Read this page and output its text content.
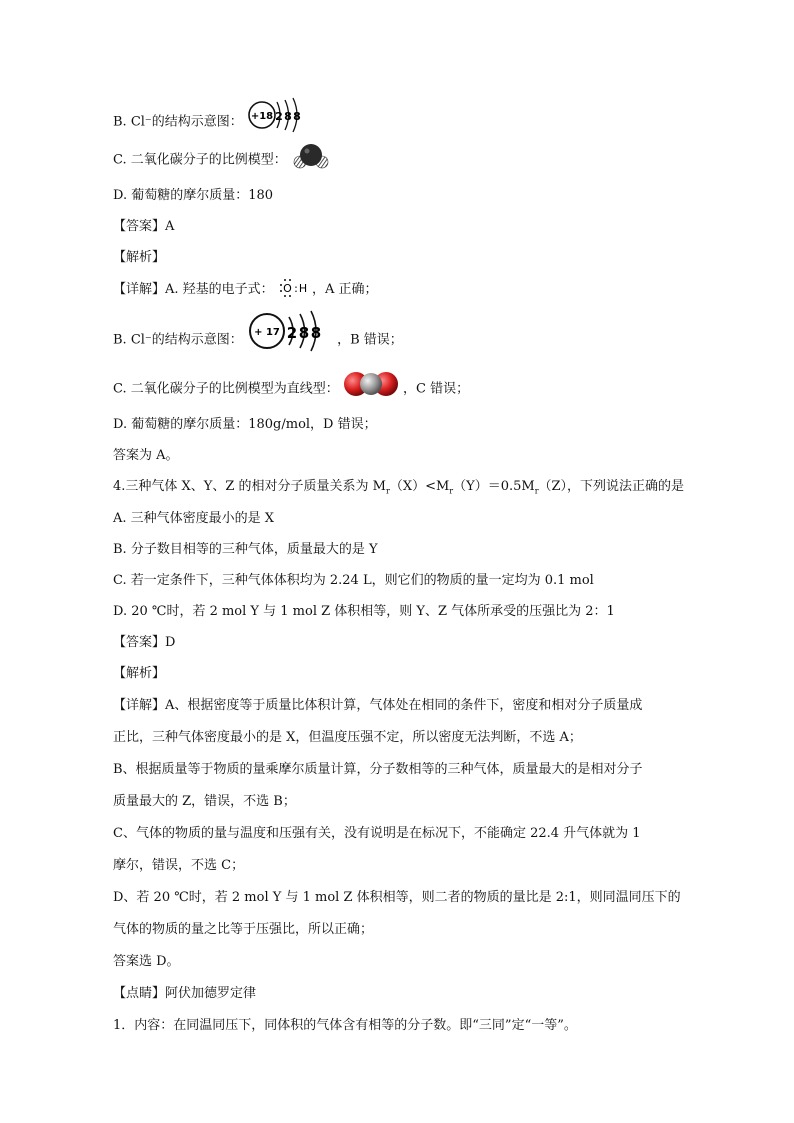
B. Cl⁻的结构示意图： +18 2 8 8
C. 二氧化碳分子的比例模型：
D. 葡萄糖的摩尔质量：180
【答案】A
【解析】
【详解】A. 羟基的电子式： O : H ，A 正确；
B. Cl⁻的结构示意图： + 17 2 8 8 ，B 错误；
C. 二氧化碳分子的比例模型为直线型：	，C 错误；
D. 葡萄糖的摩尔质量：180g/mol，D 错误；
答案为 A。
4.三种气体 X、Y、Z 的相对分子质量关系为 $M_r(X)<M_r(Y)=0.5M_r(Z)$，下列说法正确的是
A. 三种气体密度最小的是 X
B. 分子数目相等的三种气体，质量最大的是 Y
C. 若一定条件下，三种气体体积均为 2.24 L，则它们的物质的量一定均为 0.1 mol
D. 20 ℃时，若 2 mol Y 与 1 mol Z 体积相等，则 Y、Z 气体所承受的压强比为 2：1
【答案】D
【解析】
【详解】A、根据密度等于质量比体积计算，气体处在相同的条件下，密度和相对分子质量成
正比，三种气体密度最小的是 X，但温度压强不定，所以密度无法判断，不选 A；
B、根据质量等于物质的量乘摩尔质量计算，分子数相等的三种气体，质量最大的是相对分子
质量最大的 Z，错误，不选 B；
C、气体的物质的量与温度和压强有关，没有说明是在标况下，不能确定 22.4 升气体就为 1
摩尔，错误，不选 C；
D、若 20 ℃时，若 2 mol Y 与 1 mol Z 体积相等，则二者的物质的量比是 2:1，则同温同压下的
气体的物质的量之比等于压强比，所以正确；
答案选 D。
【点睛】阿伏加德罗定律
1．内容：在同温同压下，同体积的气体含有相等的分子数。即“三同”定“一等”。
